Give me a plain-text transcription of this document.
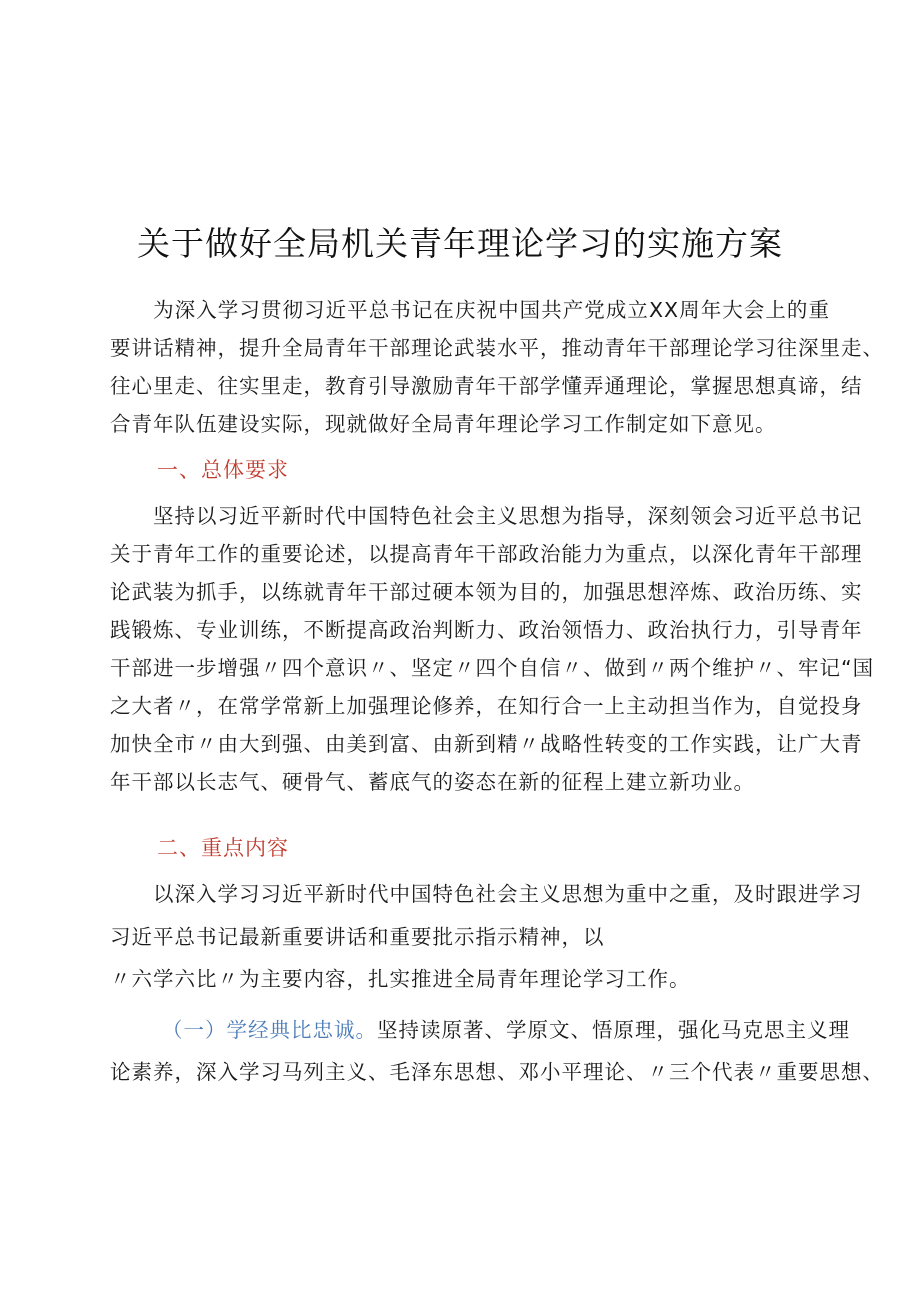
关于做好全局机关青年理论学习的实施方案
　　为深入学习贯彻习近平总书记在庆祝中国共产党成立XX周年大会上的重
要讲话精神，提升全局青年干部理论武装水平，推动青年干部理论学习往深里走、
往心里走、往实里走，教育引导激励青年干部学懂弄通理论，掌握思想真谛，结
合青年队伍建设实际，现就做好全局青年理论学习工作制定如下意见。
一、总体要求
　　坚持以习近平新时代中国特色社会主义思想为指导，深刻领会习近平总书记
关于青年工作的重要论述，以提高青年干部政治能力为重点，以深化青年干部理
论武装为抓手，以练就青年干部过硬本领为目的，加强思想淬炼、政治历练、实
践锻炼、专业训练，不断提高政治判断力、政治领悟力、政治执行力，引导青年
干部进一步增强〃四个意识〃、坚定〃四个自信〃、做到〃两个维护〃、牢记“国
之大者〃，在常学常新上加强理论修养，在知行合一上主动担当作为，自觉投身
加快全市〃由大到强、由美到富、由新到精〃战略性转变的工作实践，让广大青
年干部以长志气、硬骨气、蓄底气的姿态在新的征程上建立新功业。
二、重点内容
　　以深入学习习近平新时代中国特色社会主义思想为重中之重，及时跟进学习
习近平总书记最新重要讲话和重要批示指示精神，以
〃六学六比〃为主要内容，扎实推进全局青年理论学习工作。
（一）学经典比忠诚。坚持读原著、学原文、悟原理，强化马克思主义理
论素养，深入学习马列主义、毛泽东思想、邓小平理论、〃三个代表〃重要思想、
